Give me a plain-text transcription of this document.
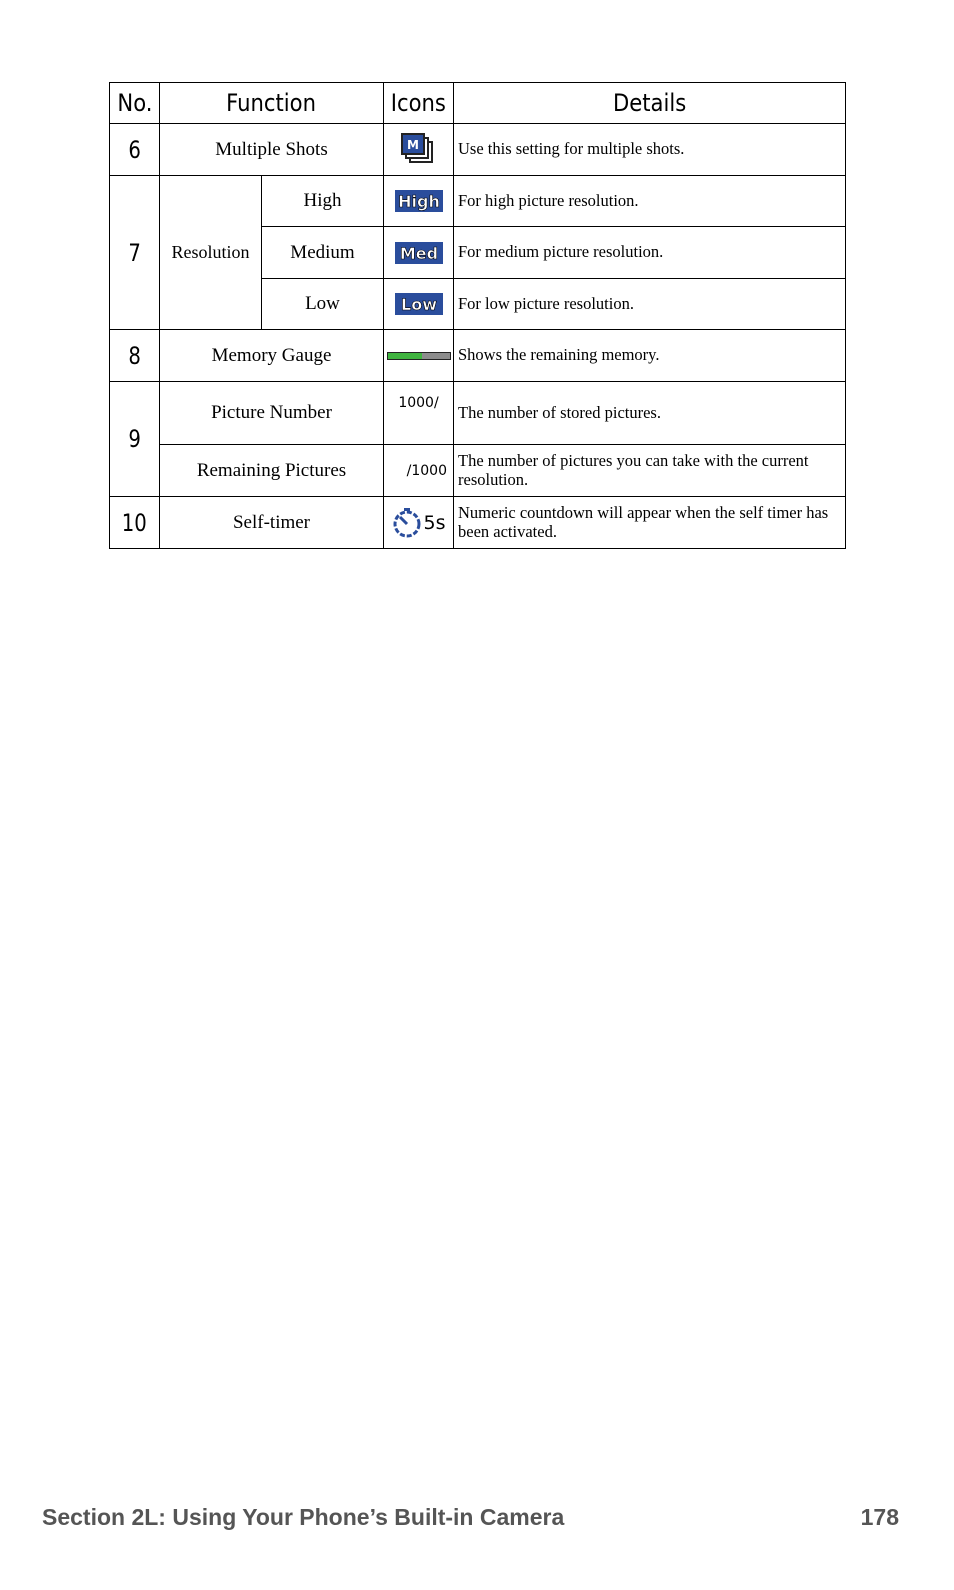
No.	Function		Icons	Details
6	Multiple Shots		M	Use this setting for multiple shots.
7	Resolution	High	High	For high picture resolution.
		Medium	Med	For medium picture resolution.
		Low	Low	For low picture resolution.
8	Memory Gauge			Shows the remaining memory.
9	Picture Number		1000/	The number of stored pictures.
	Remaining Pictures		/1000	The number of pictures you can take with the current resolution.
10	Self-timer		5s	Numeric countdown will appear when the self timer has been activated.
Section 2L: Using Your Phone’s Built-in Camera	178
